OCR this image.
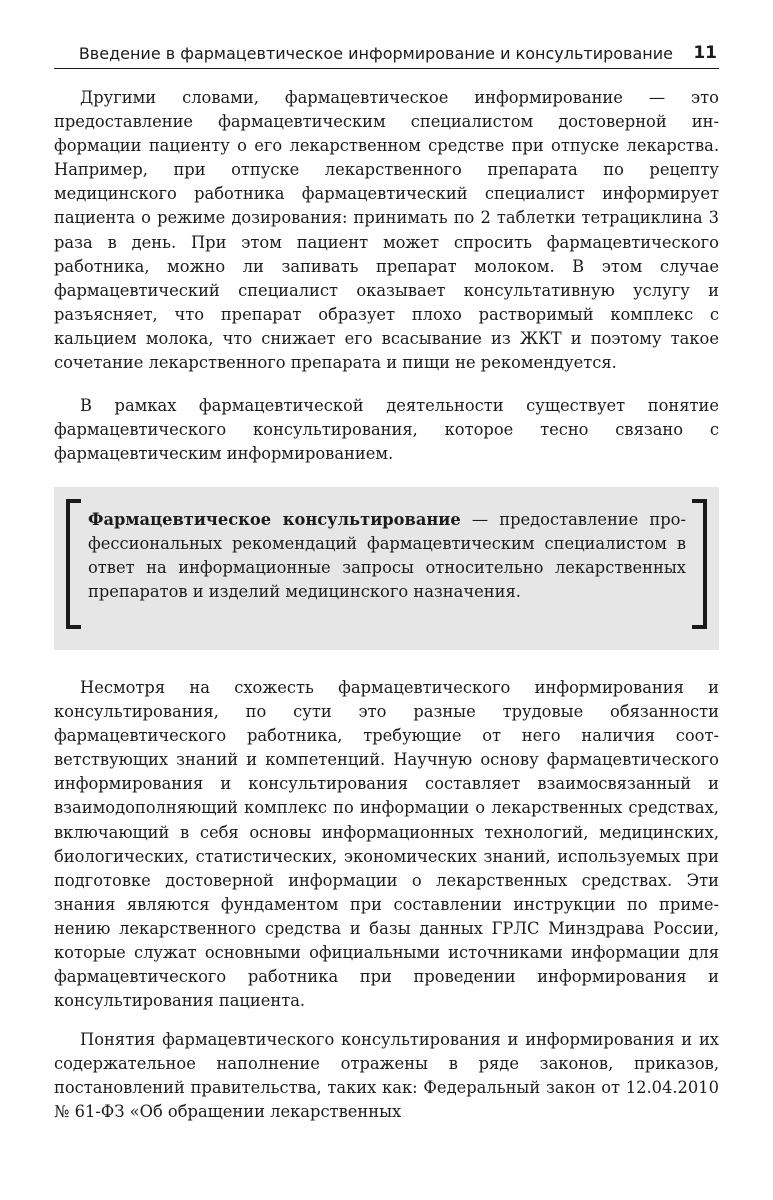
Введение в фармацевтическое информирование и консультирование 11

Другими словами, фармацевтическое информирование — это предоставление фармацевтическим специалистом достоверной информации пациенту о его лекарственном средстве при отпуске лекарства. Например, при отпуске лекарственного препарата по рецепту медицинского работника фармацевтический специалист информирует пациента о режиме дозирования: принимать по 2 таблетки тетрациклина 3 раза в день. При этом пациент может спросить фармацевтического работника, можно ли запивать препарат молоком. В этом случае фармацевтический специалист оказывает консультативную услугу и разъясняет, что препарат образует плохо растворимый комплекс с кальцием молока, что снижает его всасывание из ЖКТ и поэтому такое сочетание лекарственного препарата и пищи не рекомендуется.

В рамках фармацевтической деятельности существует понятие фармацевтического консультирования, которое тесно связано с фармацевтическим информированием.

Фармацевтическое консультирование — предоставление профессиональных рекомендаций фармацевтическим специалистом в ответ на информационные запросы относительно лекарственных препаратов и изделий медицинского назначения.

Несмотря на схожесть фармацевтического информирования и консультирования, по сути это разные трудовые обязанности фармацевтического работника, требующие от него наличия соответствующих знаний и компетенций. Научную основу фармацевтического информирования и консультирования составляет взаимосвязанный и взаимодополняющий комплекс по информации о лекарственных средствах, включающий в себя основы информационных технологий, медицинских, биологических, статистических, экономических знаний, используемых при подготовке достоверной информации о лекарственных средствах. Эти знания являются фундаментом при составлении инструкции по применению лекарственного средства и базы данных ГРЛС Минздрава России, которые служат основными официальными источниками информации для фармацевтического работника при проведении информирования и консультирования пациента.

Понятия фармацевтического консультирования и информирования и их содержательное наполнение отражены в ряде законов, приказов, постановлений правительства, таких как: Федеральный закон от 12.04.2010 № 61-ФЗ «Об обращении лекарственных
